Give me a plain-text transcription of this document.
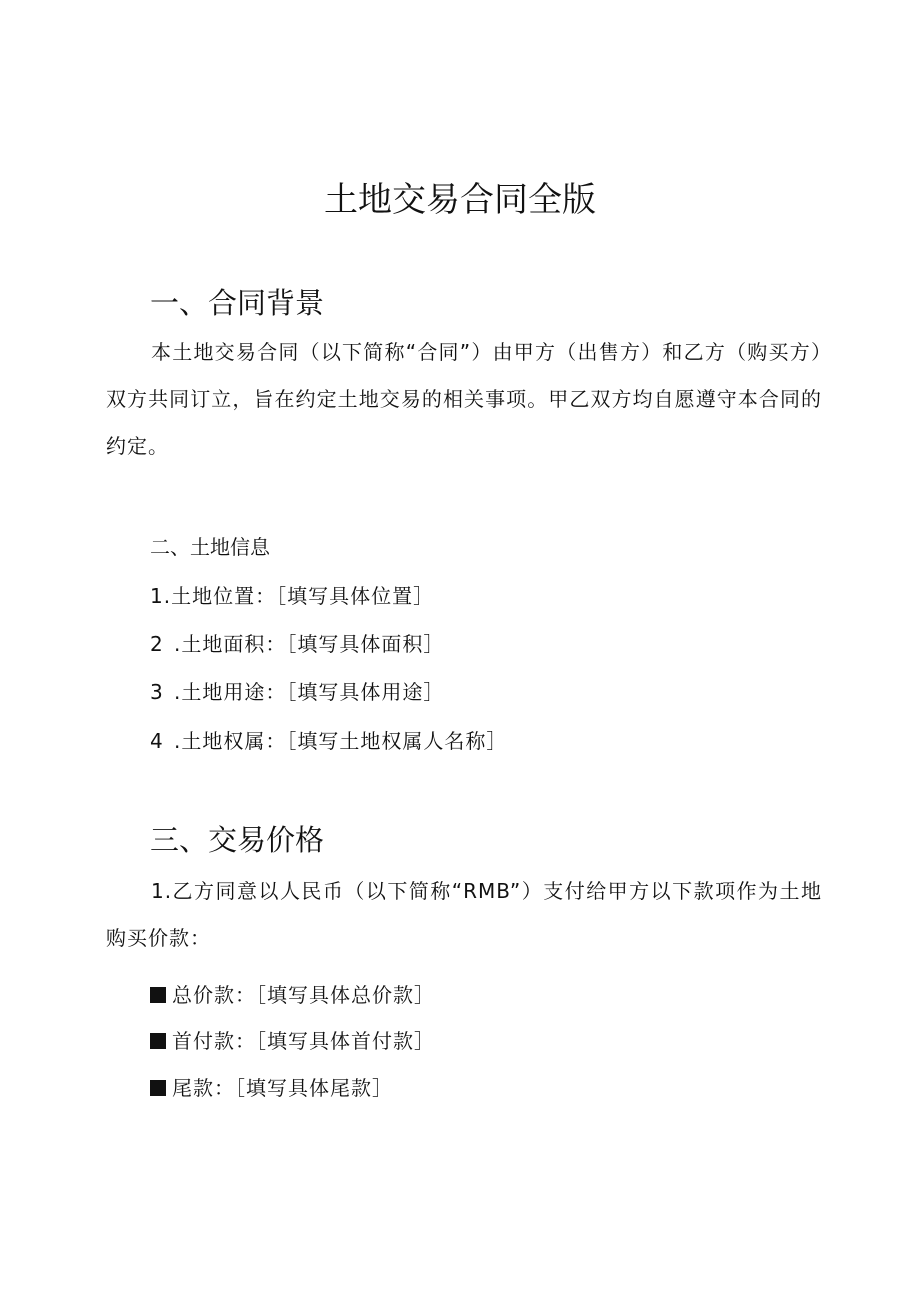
土地交易合同全版
一、合同背景
本土地交易合同（以下简称“合同”）由甲方（出售方）和乙方（购买方）双方共同订立，旨在约定土地交易的相关事项。甲乙双方均自愿遵守本合同的约定。
二、土地信息
1.土地位置：［填写具体位置］
2 .土地面积：［填写具体面积］
3 .土地用途：［填写具体用途］
4 .土地权属：［填写土地权属人名称］
三、交易价格
1.乙方同意以人民币（以下简称“RMB”）支付给甲方以下款项作为土地购买价款：
总价款：［填写具体总价款］
首付款：［填写具体首付款］
尾款：［填写具体尾款］
